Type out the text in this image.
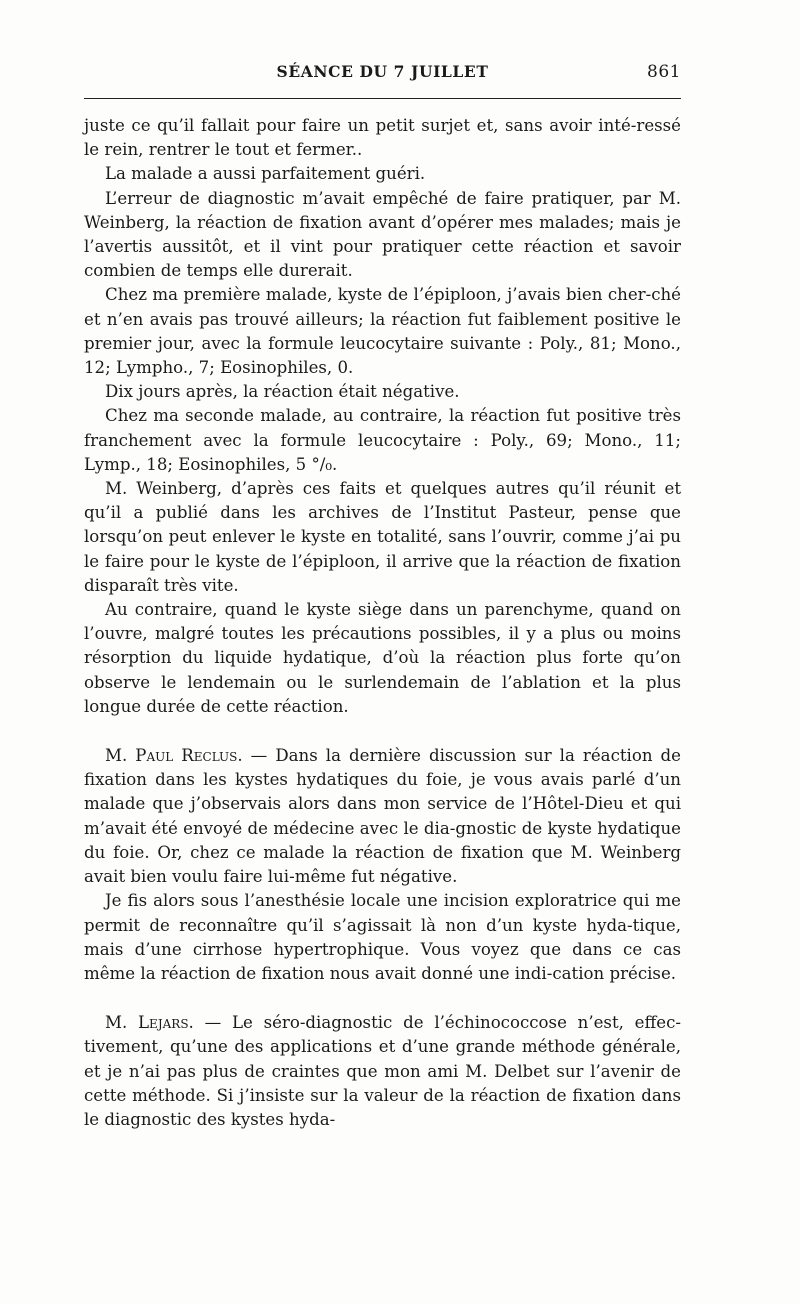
SÉANCE DU 7 JUILLET	861

juste ce qu’il fallait pour faire un petit surjet et, sans avoir inté-ressé le rein, rentrer le tout et fermer..

La malade a aussi parfaitement guéri.

L’erreur de diagnostic m’avait empêché de faire pratiquer, par M. Weinberg, la réaction de fixation avant d’opérer mes malades; mais je l’avertis aussitôt, et il vint pour pratiquer cette réaction et savoir combien de temps elle durerait.

Chez ma première malade, kyste de l’épiploon, j’avais bien cher-ché et n’en avais pas trouvé ailleurs; la réaction fut faiblement positive le premier jour, avec la formule leucocytaire suivante : Poly., 81; Mono., 12; Lympho., 7; Eosinophiles, 0.

Dix jours après, la réaction était négative.

Chez ma seconde malade, au contraire, la réaction fut positive très franchement avec la formule leucocytaire : Poly., 69; Mono., 11; Lymp., 18; Eosinophiles, 5 °/₀.

M. Weinberg, d’après ces faits et quelques autres qu’il réunit et qu’il a publié dans les archives de l’Institut Pasteur, pense que lorsqu’on peut enlever le kyste en totalité, sans l’ouvrir, comme j’ai pu le faire pour le kyste de l’épiploon, il arrive que la réaction de fixation disparaît très vite.

Au contraire, quand le kyste siège dans un parenchyme, quand on l’ouvre, malgré toutes les précautions possibles, il y a plus ou moins résorption du liquide hydatique, d’où la réaction plus forte qu’on observe le lendemain ou le surlendemain de l’ablation et la plus longue durée de cette réaction.

M. Paul Reclus. — Dans la dernière discussion sur la réaction de fixation dans les kystes hydatiques du foie, je vous avais parlé d’un malade que j’observais alors dans mon service de l’Hôtel-Dieu et qui m’avait été envoyé de médecine avec le dia-gnostic de kyste hydatique du foie. Or, chez ce malade la réaction de fixation que M. Weinberg avait bien voulu faire lui-même fut négative.

Je fis alors sous l’anesthésie locale une incision exploratrice qui me permit de reconnaître qu’il s’agissait là non d’un kyste hyda-tique, mais d’une cirrhose hypertrophique. Vous voyez que dans ce cas même la réaction de fixation nous avait donné une indi-cation précise.

M. Lejars. — Le séro-diagnostic de l’échinococcose n’est, effec-tivement, qu’une des applications et d’une grande méthode générale, et je n’ai pas plus de craintes que mon ami M. Delbet sur l’avenir de cette méthode. Si j’insiste sur la valeur de la réaction de fixation dans le diagnostic des kystes hyda-
